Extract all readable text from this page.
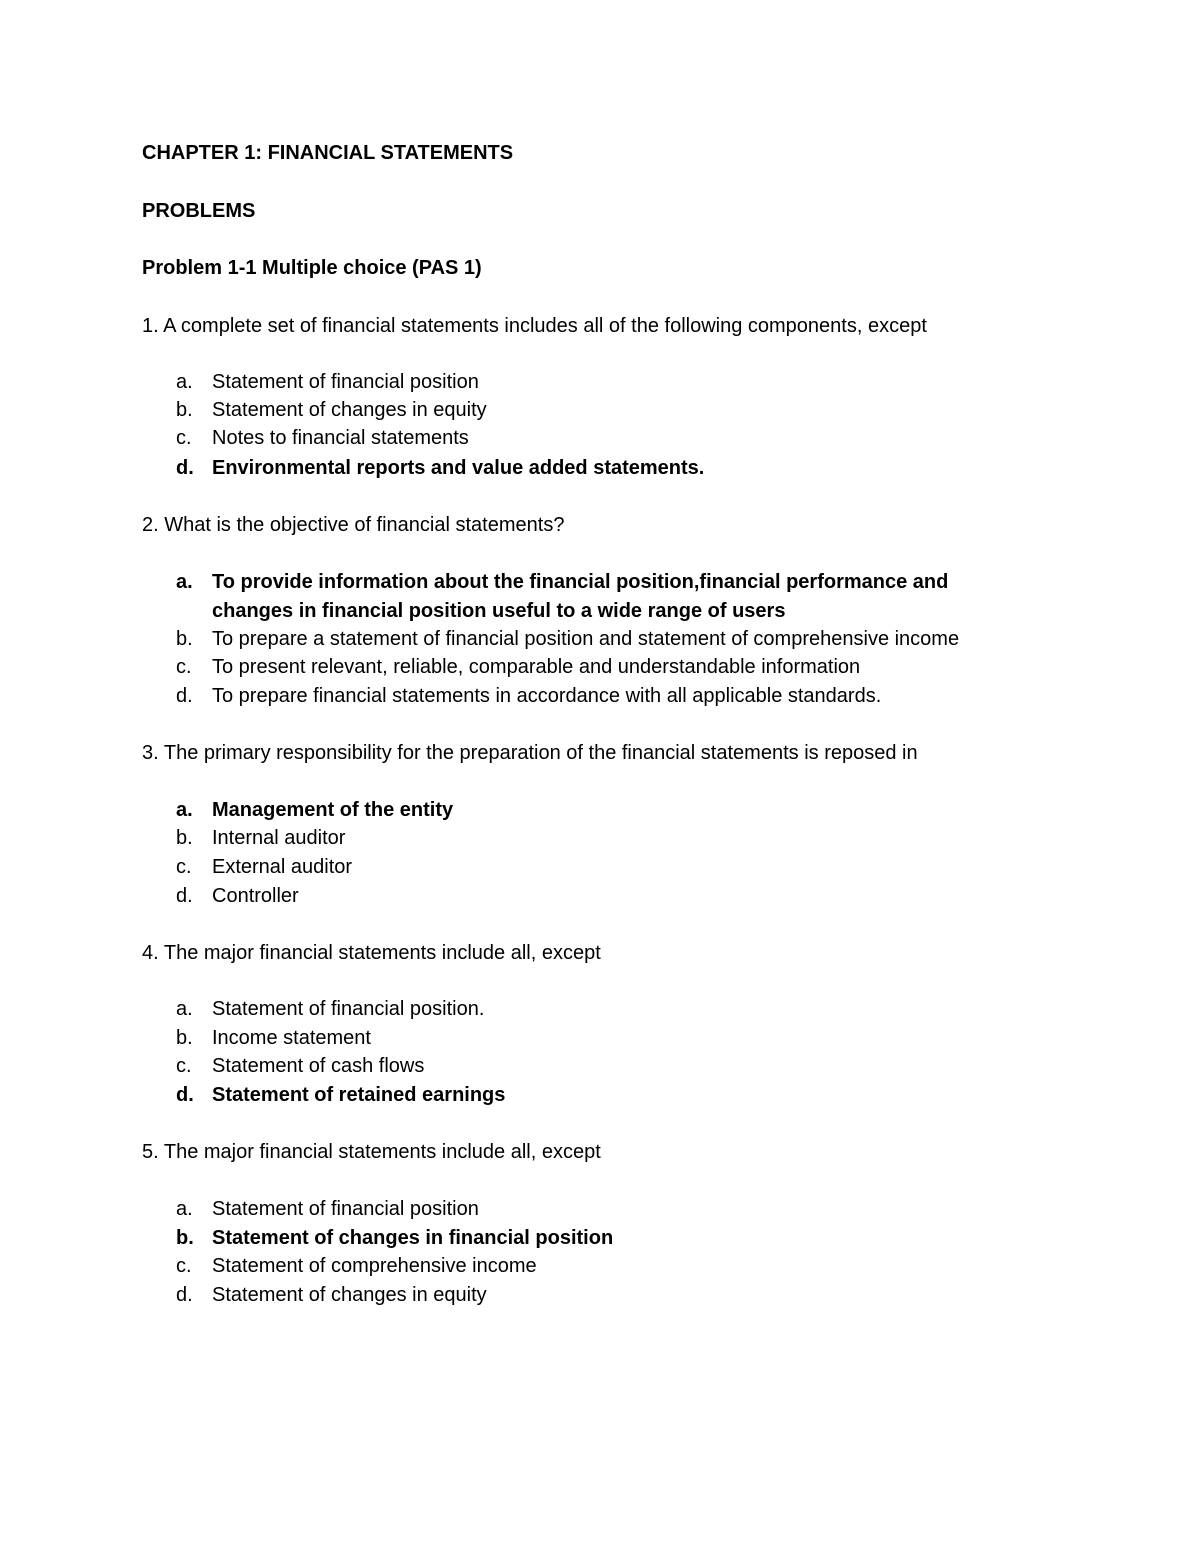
CHAPTER 1: FINANCIAL STATEMENTS
PROBLEMS
Problem 1-1 Multiple choice (PAS 1)
1. A complete set of financial statements includes all of the following components, except
a. Statement of financial position
b. Statement of changes in equity
c. Notes to financial statements
d. Environmental reports and value added statements.
2. What is the objective of financial statements?
a. To provide information about the financial position,financial performance and
changes in financial position useful to a wide range of users
b. To prepare a statement of financial position and statement of comprehensive income
c. To present relevant, reliable, comparable and understandable information
d. To prepare financial statements in accordance with all applicable standards.
3. The primary responsibility for the preparation of the financial statements is reposed in
a. Management of the entity
b. Internal auditor
c. External auditor
d. Controller
4. The major financial statements include all, except
a. Statement of financial position.
b. Income statement
c. Statement of cash flows
d. Statement of retained earnings
5. The major financial statements include all, except
a. Statement of financial position
b. Statement of changes in financial position
c. Statement of comprehensive income
d. Statement of changes in equity
